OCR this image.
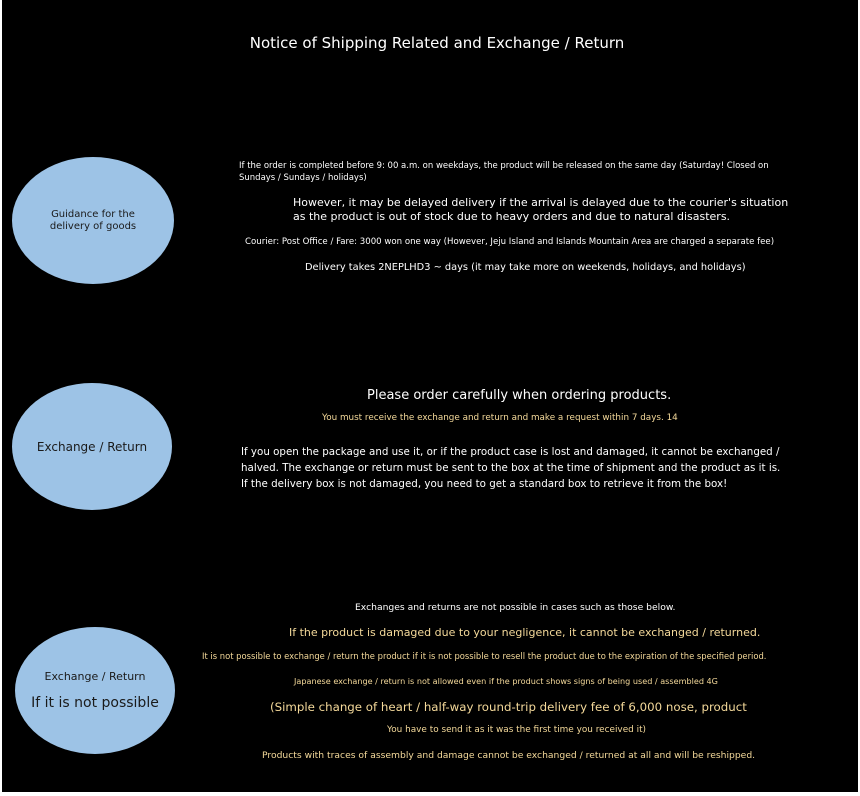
Notice of Shipping Related and Exchange / Return
Guidance for the delivery of goods
If the order is completed before 9: 00 a.m. on weekdays, the product will be released on the same day (Saturday! Closed on Sundays / Sundays / holidays)
However, it may be delayed delivery if the arrival is delayed due to the courier's situation
as the product is out of stock due to heavy orders and due to natural disasters.
Courier: Post Office / Fare: 3000 won one way (However, Jeju Island and Islands Mountain Area are charged a separate fee)
Delivery takes 2NEPLHD3 ~ days (it may take more on weekends, holidays, and holidays)
Exchange / Return
Please order carefully when ordering products.
You must receive the exchange and return and make a request within 7 days. 14
If you open the package and use it, or if the product case is lost and damaged, it cannot be exchanged / halved. The exchange or return must be sent to the box at the time of shipment and the product as it is. If the delivery box is not damaged, you need to get a standard box to retrieve it from the box!
Exchange / Return
If it is not possible
Exchanges and returns are not possible in cases such as those below.
If the product is damaged due to your negligence, it cannot be exchanged / returned.
It is not possible to exchange / return the product if it is not possible to resell the product due to the expiration of the specified period.
Japanese exchange / return is not allowed even if the product shows signs of being used / assembled 4G
(Simple change of heart / half-way round-trip delivery fee of 6,000 nose, product
You have to send it as it was the first time you received it)
Products with traces of assembly and damage cannot be exchanged / returned at all and will be reshipped.
